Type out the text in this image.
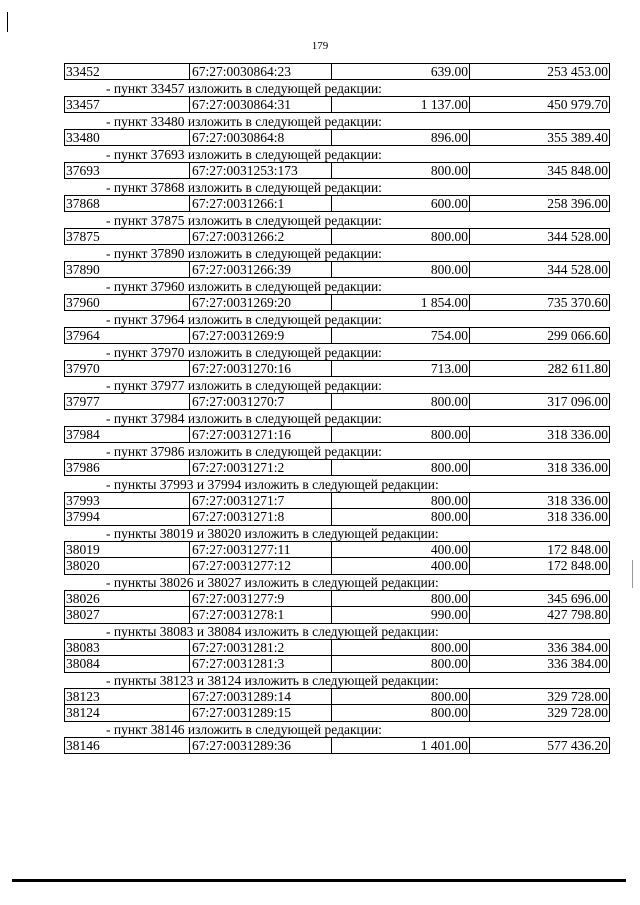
179
33452	67:27:0030864:23	639.00	253 453.00
- пункт 33457 изложить в следующей редакции:
33457	67:27:0030864:31	1 137.00	450 979.70
- пункт 33480 изложить в следующей редакции:
33480	67:27:0030864:8	896.00	355 389.40
- пункт 37693 изложить в следующей редакции:
37693	67:27:0031253:173	800.00	345 848.00
- пункт 37868 изложить в следующей редакции:
37868	67:27:0031266:1	600.00	258 396.00
- пункт 37875 изложить в следующей редакции:
37875	67:27:0031266:2	800.00	344 528.00
- пункт 37890 изложить в следующей редакции:
37890	67:27:0031266:39	800.00	344 528.00
- пункт 37960 изложить в следующей редакции:
37960	67:27:0031269:20	1 854.00	735 370.60
- пункт 37964 изложить в следующей редакции:
37964	67:27:0031269:9	754.00	299 066.60
- пункт 37970 изложить в следующей редакции:
37970	67:27:0031270:16	713.00	282 611.80
- пункт 37977 изложить в следующей редакции:
37977	67:27:0031270:7	800.00	317 096.00
- пункт 37984 изложить в следующей редакции:
37984	67:27:0031271:16	800.00	318 336.00
- пункт 37986 изложить в следующей редакции:
37986	67:27:0031271:2	800.00	318 336.00
- пункты 37993 и 37994 изложить в следующей редакции:
37993	67:27:0031271:7	800.00	318 336.00
37994	67:27:0031271:8	800.00	318 336.00
- пункты 38019 и 38020 изложить в следующей редакции:
38019	67:27:0031277:11	400.00	172 848.00
38020	67:27:0031277:12	400.00	172 848.00
- пункты 38026 и 38027 изложить в следующей редакции:
38026	67:27:0031277:9	800.00	345 696.00
38027	67:27:0031278:1	990.00	427 798.80
- пункты 38083 и 38084 изложить в следующей редакции:
38083	67:27:0031281:2	800.00	336 384.00
38084	67:27:0031281:3	800.00	336 384.00
- пункты 38123 и 38124 изложить в следующей редакции:
38123	67:27:0031289:14	800.00	329 728.00
38124	67:27:0031289:15	800.00	329 728.00
- пункт 38146 изложить в следующей редакции:
38146	67:27:0031289:36	1 401.00	577 436.20
